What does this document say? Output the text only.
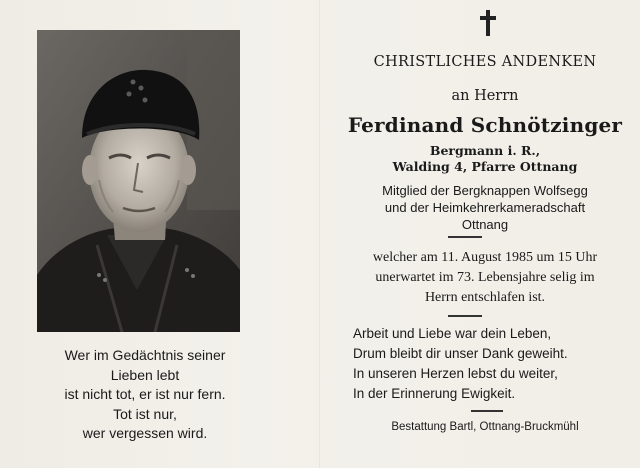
Wer im Gedächtnis seiner
Lieben lebt
ist nicht tot, er ist nur fern.
Tot ist nur,
wer vergessen wird.
CHRISTLICHES ANDENKEN
an Herrn
Ferdinand Schnötzinger
Bergmann i. R.,
Walding 4, Pfarre Ottnang
Mitglied der Bergknappen Wolfsegg
und der Heimkehrerkameradschaft
Ottnang
welcher am 11. August 1985 um 15 Uhr
unerwartet im 73. Lebensjahre selig im
Herrn entschlafen ist.
Arbeit und Liebe war dein Leben,
Drum bleibt dir unser Dank geweiht.
In unseren Herzen lebst du weiter,
In der Erinnerung Ewigkeit.
Bestattung Bartl, Ottnang-Bruckmühl
